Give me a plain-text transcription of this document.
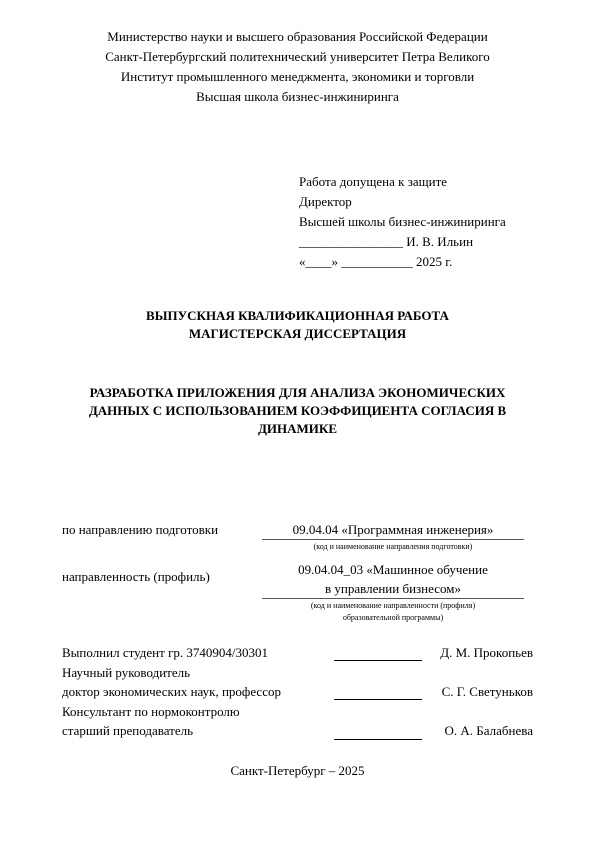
Министерство науки и высшего образования Российской Федерации
Санкт-Петербургский политехнический университет Петра Великого
Институт промышленного менеджмента, экономики и торговли
Высшая школа бизнес-инжиниринга
Работа допущена к защите
Директор
Высшей школы бизнес-инжиниринга
________________ И. В. Ильин
«____» ___________ 2025 г.
ВЫПУСКНАЯ КВАЛИФИКАЦИОННАЯ РАБОТА
МАГИСТЕРСКАЯ ДИССЕРТАЦИЯ
РАЗРАБОТКА ПРИЛОЖЕНИЯ ДЛЯ АНАЛИЗА ЭКОНОМИЧЕСКИХ
ДАННЫХ С ИСПОЛЬЗОВАНИЕМ КОЭФФИЦИЕНТА СОГЛАСИЯ В
ДИНАМИКЕ
по направлению подготовки	09.04.04 «Программная инженерия»
(код и наименование направления подготовки)
направленность (профиль)	09.04.04_03 «Машинное обучение
в управлении бизнесом»
(код и наименование направленности (профиля)
образовательной программы)
Выполнил студент гр. 3740904/30301	Д. М. Прокопьев
Научный руководитель
доктор экономических наук, профессор	С. Г. Светуньков
Консультант по нормоконтролю
старший преподаватель	О. А. Балабнева
Санкт-Петербург – 2025
